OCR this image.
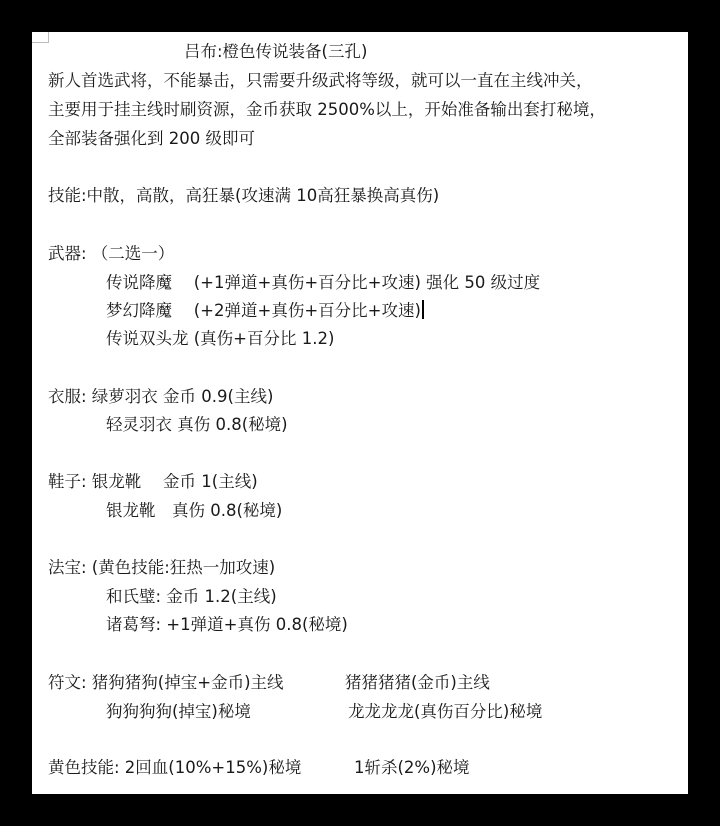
吕布:橙色传说装备(三孔)
新人首选武将，不能暴击，只需要升级武将等级，就可以一直在主线冲关，
主要用于挂主线时刷资源，金币获取 2500%以上，开始准备输出套打秘境，
全部装备强化到 200 级即可
技能:中散，高散，高狂暴(攻速满 10高狂暴换高真伤)
武器: （二选一）
传说降魔　 (+1弹道+真伤+百分比+攻速) 强化 50 级过度
梦幻降魔　 (+2弹道+真伤+百分比+攻速)
传说双头龙 (真伤+百分比 1.2)
衣服: 绿萝羽衣 金币 0.9(主线)
轻灵羽衣 真伤 0.8(秘境)
鞋子: 银龙靴　 金币 1(主线)
银龙靴　真伤 0.8(秘境)
法宝: (黄色技能:狂热一加攻速)
和氏璧: 金币 1.2(主线)
诸葛弩: +1弹道+真伤 0.8(秘境)
符文: 猪狗猪狗(掉宝+金币)主线	猪猪猪猪(金币)主线
狗狗狗狗(掉宝)秘境	龙龙龙龙(真伤百分比)秘境
黄色技能: 2回血(10%+15%)秘境	1斩杀(2%)秘境
